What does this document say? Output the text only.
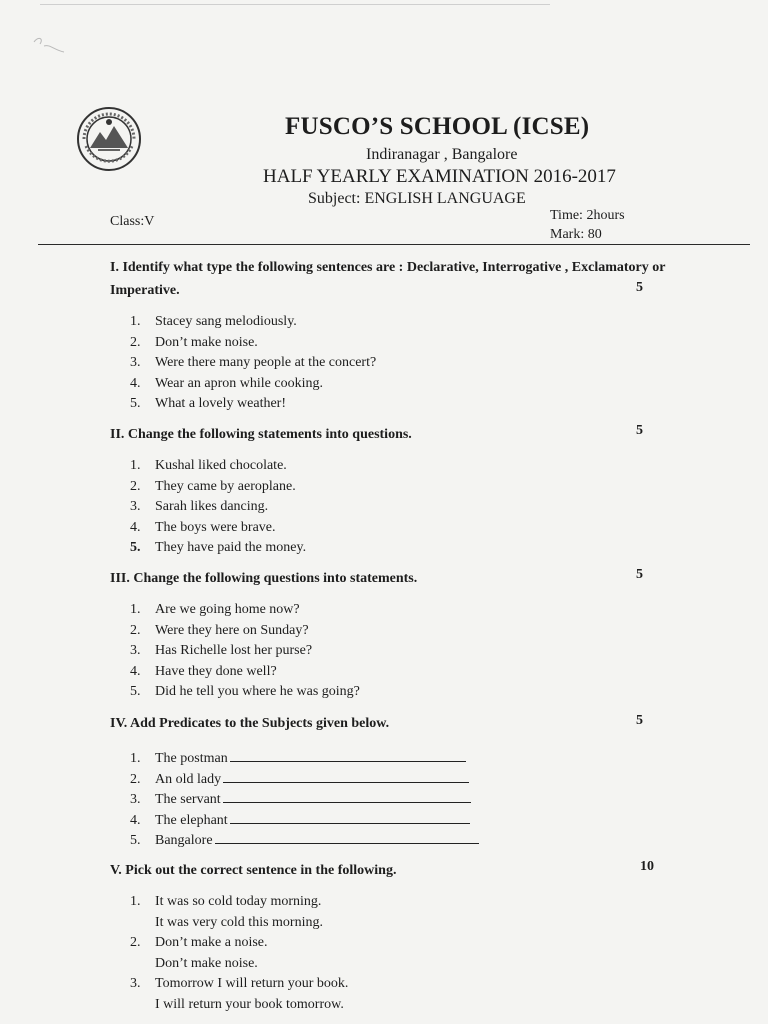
FUSCO’S SCHOOL (ICSE)
Indiranagar , Bangalore
HALF YEARLY EXAMINATION 2016-2017
Subject: ENGLISH LANGUAGE
Class:V	Time: 2hours
Mark: 80
I. Identify what type the following sentences are : Declarative, Interrogative , Exclamatory or
Imperative.	5
1. Stacey sang melodiously.
2. Don’t make noise.
3. Were there many people at the concert?
4. Wear an apron while cooking.
5. What a lovely weather!
II. Change the following statements into questions.	5
1. Kushal liked chocolate.
2. They came by aeroplane.
3. Sarah likes dancing.
4. The boys were brave.
5. They have paid the money.
III. Change the following questions into statements.	5
1. Are we going home now?
2. Were they here on Sunday?
3. Has Richelle lost her purse?
4. Have they done well?
5. Did he tell you where he was going?
IV. Add Predicates to the Subjects given below.	5
1. The postman
2. An old lady
3. The servant
4. The elephant
5. Bangalore
V. Pick out the correct sentence in the following.	10
1. It was so cold today morning.
It was very cold this morning.
2. Don’t make a noise.
Don’t make noise.
3. Tomorrow I will return your book.
I will return your book tomorrow.
